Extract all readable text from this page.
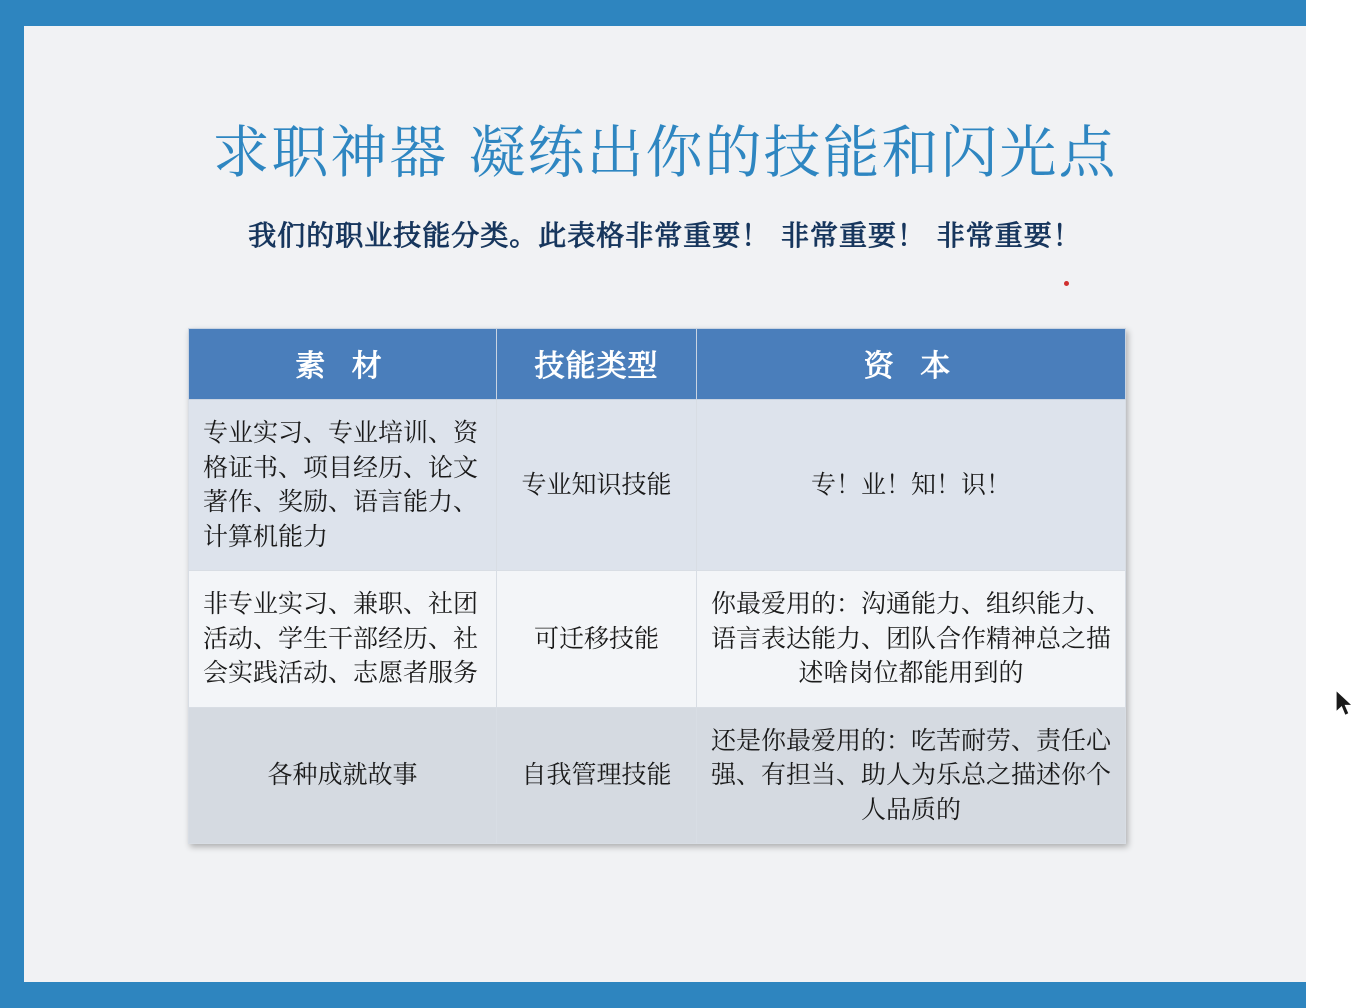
求职神器 凝练出你的技能和闪光点
我们的职业技能分类。此表格非常重要！ 非常重要！ 非常重要！
素 材	技能类型	资 本
专业实习、专业培训、资格证书、项目经历、论文著作、奖励、语言能力、计算机能力	专业知识技能	专！业！知！识！
非专业实习、兼职、社团活动、学生干部经历、社会实践活动、志愿者服务	可迁移技能	你最爱用的：沟通能力、组织能力、语言表达能力、团队合作精神总之描述啥岗位都能用到的
各种成就故事	自我管理技能	还是你最爱用的：吃苦耐劳、责任心强、有担当、助人为乐总之描述你个人品质的
